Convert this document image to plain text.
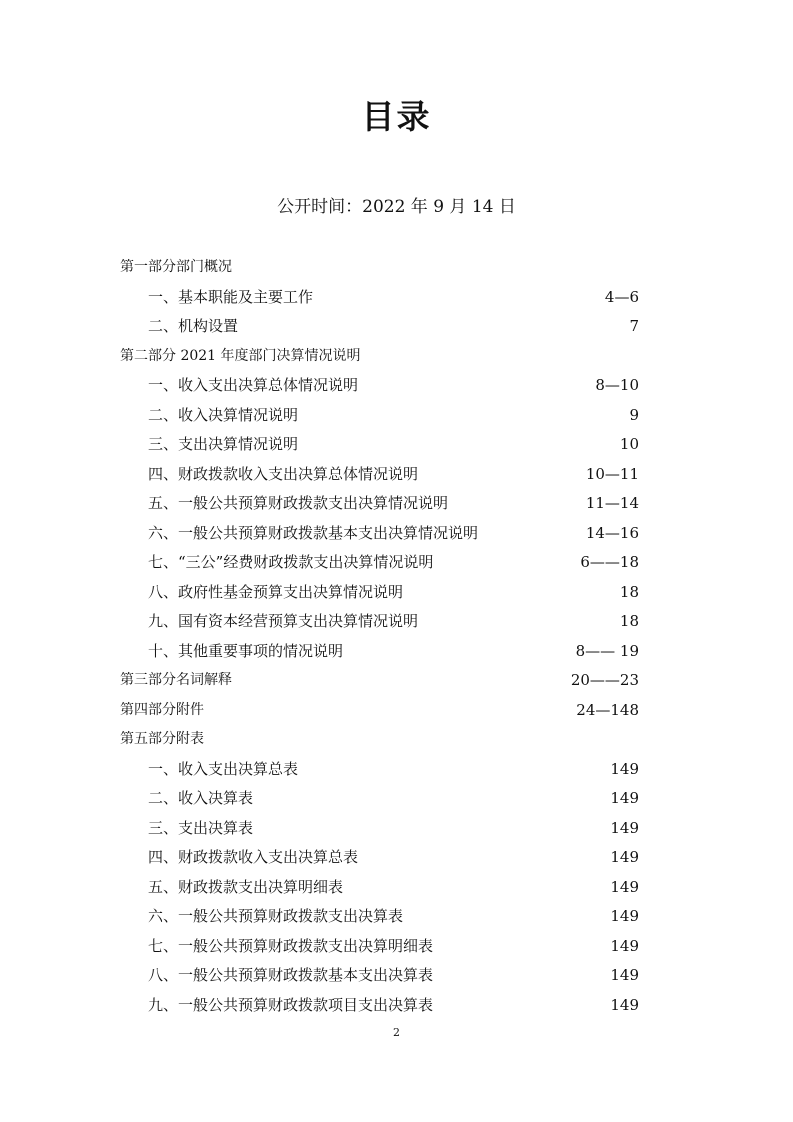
目录
公开时间：2022 年 9 月 14 日
第一部分部门概况
一、基本职能及主要工作	4—6
二、机构设置	7
第二部分 2021 年度部门决算情况说明
一、收入支出决算总体情况说明	8—10
二、收入决算情况说明	9
三、支出决算情况说明	10
四、财政拨款收入支出决算总体情况说明	10—11
五、一般公共预算财政拨款支出决算情况说明	11—14
六、一般公共预算财政拨款基本支出决算情况说明	14—16
七、“三公”经费财政拨款支出决算情况说明	6——18
八、政府性基金预算支出决算情况说明	18
九、国有资本经营预算支出决算情况说明	18
十、其他重要事项的情况说明	8—— 19
第三部分名词解释	20——23
第四部分附件	24—148
第五部分附表
一、收入支出决算总表	149
二、收入决算表	149
三、支出决算表	149
四、财政拨款收入支出决算总表	149
五、财政拨款支出决算明细表	149
六、一般公共预算财政拨款支出决算表	149
七、一般公共预算财政拨款支出决算明细表	149
八、一般公共预算财政拨款基本支出决算表	149
九、一般公共预算财政拨款项目支出决算表	149
2
